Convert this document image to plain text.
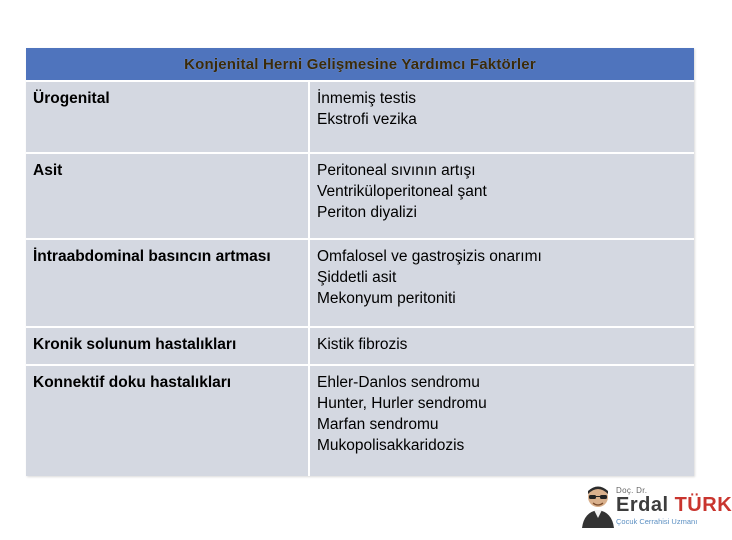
Konjenital Herni Gelişmesine Yardımcı Faktörler
Ürogenital	İnmemiş testis
Ekstrofi vezika
Asit	Peritoneal sıvının artışı
Ventriküloperitoneal şant
Periton diyalizi
İntraabdominal basıncın artması	Omfalosel ve gastroşizis onarımı
Şiddetli asit
Mekonyum peritoniti
Kronik solunum hastalıkları	Kistik fibrozis
Konnektif doku hastalıkları	Ehler-Danlos sendromu
Hunter, Hurler sendromu
Marfan sendromu
Mukopolisakkaridozis
Doç. Dr.
Erdal TÜRK
Çocuk Cerrahisi Uzmanı
